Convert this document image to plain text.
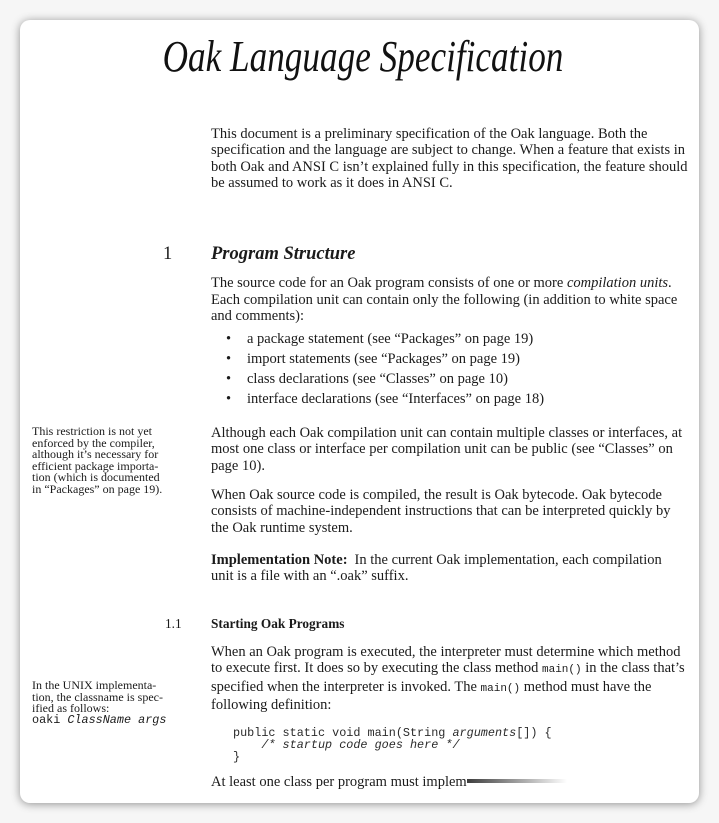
Oak Language Specification
This document is a preliminary specification of the Oak language. Both the
specification and the language are subject to change. When a feature that exists in
both Oak and ANSI C isn’t explained fully in this specification, the feature should
be assumed to work as it does in ANSI C.
1 Program Structure
The source code for an Oak program consists of one or more compilation units.
Each compilation unit can contain only the following (in addition to white space
and comments):
• a package statement (see “Packages” on page 19)
• import statements (see “Packages” on page 19)
• class declarations (see “Classes” on page 10)
• interface declarations (see “Interfaces” on page 18)
This restriction is not yet
enforced by the compiler,
although it’s necessary for
efficient package importa-
tion (which is documented
in “Packages” on page 19).
Although each Oak compilation unit can contain multiple classes or interfaces, at
most one class or interface per compilation unit can be public (see “Classes” on
page 10).
When Oak source code is compiled, the result is Oak bytecode. Oak bytecode
consists of machine-independent instructions that can be interpreted quickly by
the Oak runtime system.
Implementation Note: In the current Oak implementation, each compilation
unit is a file with an “.oak” suffix.
1.1 Starting Oak Programs
When an Oak program is executed, the interpreter must determine which method
to execute first. It does so by executing the class method main() in the class that’s
specified when the interpreter is invoked. The main() method must have the
following definition:
In the UNIX implementa-
tion, the classname is spec-
ified as follows:
oaki ClassName args
public static void main(String arguments[]) {
/* startup code goes here */
}
At least one class per program must implem
